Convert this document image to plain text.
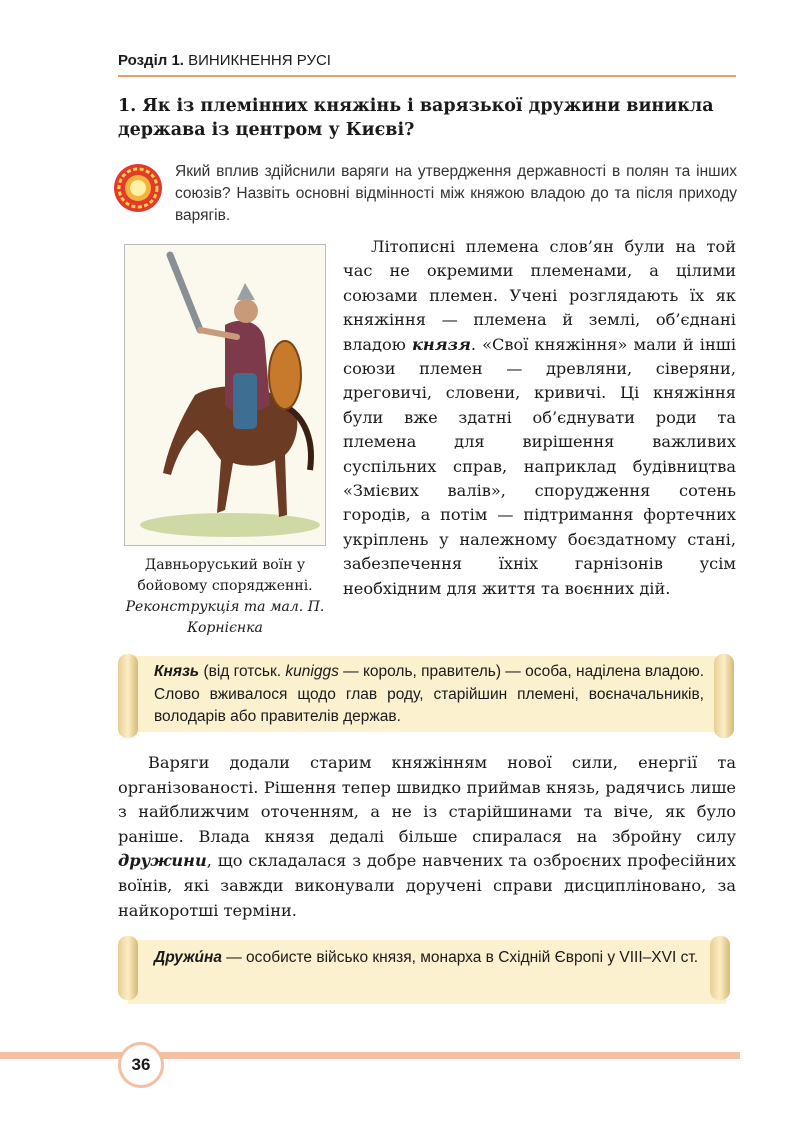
Розділ 1. ВИНИКНЕННЯ РУСІ
1. Як із племінних княжінь і варязької дружини виникла держава із центром у Києві?
Який вплив здійснили варяги на утвердження державності в полян та інших союзів? Назвіть основні відмінності між княжою владою до та після приходу варягів.
Давньоруський воїн у бойовому спорядженні.
Реконструкція та мал. П. Корнієнка

Літописні племена слов’ян були на той час не окремими племенами, а цілими союзами племен. Учені розглядають їх як княжіння — племена й землі, об’єднані владою князя. «Свої княжіння» мали й інші союзи племен — древляни, сіверяни, дреговичі, словени, кривичі. Ці княжіння були вже здатні об’єднувати роди та племена для вирішення важливих суспільних справ, наприклад будівництва «Змієвих валів», спорудження сотень городів, а потім — підтримання фортечних укріплень у належному боєздатному стані, забезпечення їхніх гарнізонів усім необхідним для життя та воєнних дій.

Князь (від готськ. kuniggs — король, правитель) — особа, наділена владою. Слово вживалося щодо глав роду, старійшин племені, воєначальників, володарів або правителів держав.

Варяги додали старим княжінням нової сили, енергії та організованості. Рішення тепер швидко приймав князь, радячись лише з найближчим оточенням, а не із старійшинами та віче, як було раніше. Влада князя дедалі більше спиралася на збройну силу дружини, що складалася з добре навчених та озброєних професійних воїнів, які завжди виконували доручені справи дисципліновано, за найкоротші терміни.

Дружи́на — особисте військо князя, монарха в Східній Європі у VIII–XVI ст.
36
